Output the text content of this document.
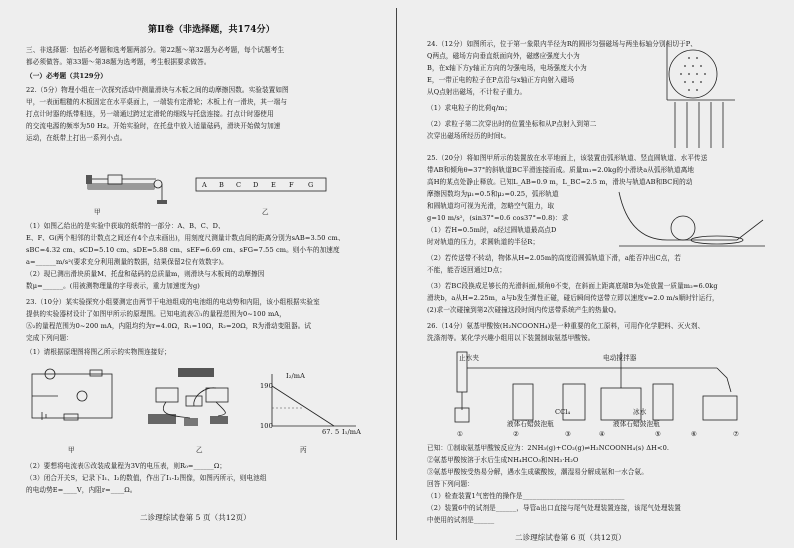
第Ⅱ卷（非选择题，共174分）
三、非选择题：包括必考题和选考题两部分。第22题～第32题为必考题，每个试题考生
都必须做答。第33题～第38题为选考题，考生根据要求做答。
（一）必考题（共129分）
22.（5分）物理小组在一次探究活动中测量滑块与木板之间的动摩擦因数。实验装置如图
甲，一表面粗糙的木板固定在水平桌面上，一端装有定滑轮；木板上有一滑块，其一端与
打点计时器的纸带相连，另一端通过跨过定滑轮的细线与托盘连接。打点计时器使用
的交流电源的频率为50 Hz。开始实验时，在托盘中放入适量砝码，滑块开始做匀加速
运动，在纸带上打出一系列小点。
甲
A B C D E F G
乙
（1）如图乙给出的是实验中获取的纸带的一部分：A、B、C、D、
E、F、G(两个相邻的计数点之间还有4个点未画出)，用刻度尺测量计数点间的距离分别为sAB=3.50 cm、
sBC=4.32 cm、sCD=5.10 cm、sDE=5.88 cm、sEF=6.69 cm、sFG=7.55 cm。则小车的加速度
a=______m/s²(要求充分利用测量的数据，结果保留2位有效数字)。
（2）现已测出滑块质量M、托盘和砝码的总质量m，则滑块与木板间的动摩擦因
数μ=______。(用被测物理量的字母表示，重力加速度为g)
23.（10分）某实验探究小组要测定由两节干电池组成的电池组的电动势和内阻，该小组根据实验室
提供的实验器材设计了如图甲所示的原理图。已知电流表Ⓐ₁的量程范围为0~100 mA，
Ⓐ₂的量程范围为0~200 mA，内阻均约为r=4.0Ω，R₁=10Ω，R₂=20Ω，R为滑动变阻器。试
完成下列问题：
（1）请根据原理图将图乙所示的实物图连接好；
甲	乙
I₂/mA
190
100
67. 5 I₁/mA
丙
（2）要想将电流表Ⓐ改装成量程为3V的电压表，则R₀=______Ω；
（3）闭合开关S，记录下I₁、I₂的数值，作出了I₁-I₂图像，如图丙所示，则电池组
的电动势E=____V，内阻r=____Ω。
二诊理综试卷第 5 页（共12页）
24.（12分）如图所示，位于第一象限内半径为R的圆形匀强磁场与两坐标轴分别相切于P、
Q两点，磁场方向垂直纸面向外，磁感应强度大小为
B，在x轴下方y轴正方向的匀强电场，电场强度大小为
E，一带正电的粒子在P点沿与x轴正方向射入磁场
从Q点射出磁场，不计粒子重力。
（1）求电粒子的比荷q/m；
（2）求粒子第二次穿出时的位置坐标和从P点射入到第二
次穿出磁场所经历的时间t。
25.（20分）将如图甲所示的装置放在水平地面上，该装置由弧形轨道、竖直圆轨道、水平传送
带AB和倾角θ=37°的斜轨道BC平滑连接而成。质量m₁=2.0kg的小滑块a从弧形轨道离地
高H的某点处静止释放。已知L_AB=0.9 m，L_BC=2.5 m，滑块与轨道AB和BC间的动
摩擦因数均为μ₁=0.5和μ₂=0.25，弧形轨道
和圆轨道均可视为光滑，忽略空气阻力，取
g=10 m/s²，(sin37°=0.6 cos37°=0.8)：求
（1）若H=0.5m时，a经过圆轨道最高点D
时对轨道的压力，求圆轨道的半径R；
（2）若传送带不转动，物体从H=2.05m的高度沿圆弧轨道下滑，a能否冲出C点，若
不能，能否返回通过D点；
（3）若BC段换成足够长的光滑斜面,倾角θ不变，在斜面上距离底端B为s处放置一质量m₂=6.0kg
滑块b，a从H=2.25m，a与b发生弹性正碰，碰后瞬间传送带立即以速度v=2.0 m/s顺时针运行，
(2)求一次碰撞到第2次碰撞这段时间内传送带系统产生的热量Q。
26.（14分）氨基甲酸铵(H₂NCOONH₄)是一种重要的化工原料，可用作化学肥料、灭火剂、
洗涤剂等。某化学兴趣小组用以下装置制取氨基甲酸铵。
止水夹	电动搅拌器
冰水
液体石蜡鼓泡瓶	液体石蜡鼓泡瓶
CCl₄
①	②	③	④	⑤	⑥	⑦
已知：①制取氨基甲酸铵反应为：2NH₃(g)+CO₂(g)⇌H₂NCOONH₄(s) ΔH<0.
②氨基甲酸铵溶于水后生成NH₄HCO₃和NH₃·H₂O
③氨基甲酸铵受热易分解，遇水生成碳酸铵，潮湿易分解成氨和一水合氨。
回答下列问题：
（1）检查装置1气密性的操作是______________________________
（2）装置6中的试剂是______，导管a出口直接与尾气处理装置连接，该尾气处理装置
中使用的试剂是______
二诊理综试卷第 6 页（共12页）
